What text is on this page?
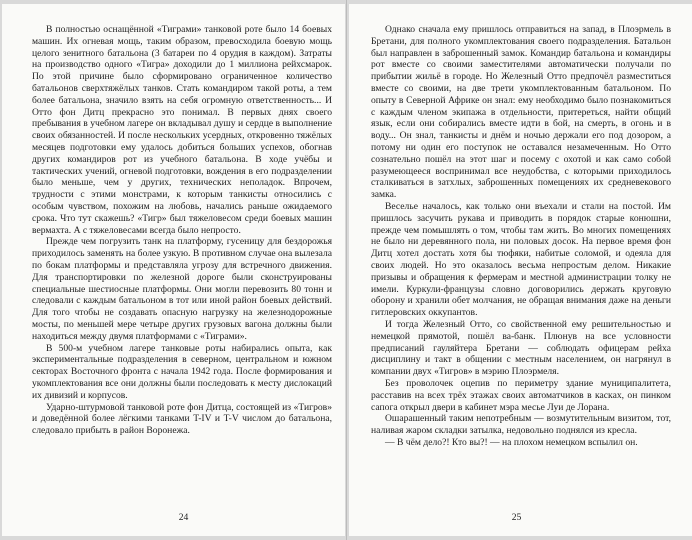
В полностью оснащённой «Тиграми» танковой роте было 14 боевых машин. Их огневая мощь, таким образом, превосходила боевую мощь целого зенитного батальона (3 батареи по 4 орудия в каждом). Затраты на производство одного «Тигра» доходили до 1 миллиона рейхсмарок. По этой причине было сформировано ограниченное количество батальонов сверхтяжёлых танков. Стать командиром такой роты, а тем более батальона, значило взять на себя огромную ответственность... И Отто фон Дитц прекрасно это понимал. В первых днях своего пребывания в учебном лагере он вкладывал душу и сердце в выполнение своих обязанностей. И после нескольких усердных, откровенно тяжёлых месяцев подготовки ему удалось добиться больших успехов, обогнав других командиров рот из учебного батальона. В ходе учёбы и тактических учений, огневой подготовки, вождения в его подразделении было меньше, чем у других, технических неполадок. Впрочем, трудности с этими монстрами, к которым танкисты относились с особым чувством, похожим на любовь, начались раньше ожидаемого срока. Что тут скажешь? «Тигр» был тяжеловесом среди боевых машин вермахта. А с тяжеловесами всегда было непросто.

Прежде чем погрузить танк на платформу, гусеницу для бездорожья приходилось заменять на более узкую. В противном случае она вылезала по бокам платформы и представляла угрозу для встречного движения. Для транспортировки по железной дороге были сконструированы специальные шестиосные платформы. Они могли перевозить 80 тонн и следовали с каждым батальоном в тот или иной район боевых действий. Для того чтобы не создавать опасную нагрузку на железнодорожные мосты, по меньшей мере четыре других грузовых вагона должны были находиться между двумя платформами с «Тиграми».

В 500-м учебном лагере танковые роты набирались опыта, как экспериментальные подразделения в северном, центральном и южном секторах Восточного фронта с начала 1942 года. После формирования и укомплектования все они должны были последовать к месту дислокаций их дивизий и корпусов.

Ударно-штурмовой танковой роте фон Дитца, состоящей из «Тигров» и доведённой более лёгкими танками T-IV и T-V числом до батальона, следовало прибыть в район Воронежа.

24

Однако сначала ему пришлось отправиться на запад, в Плоэрмель в Бретани, для полного укомплектования своего подразделения. Батальон был направлен в заброшенный замок. Командир батальона и командиры рот вместе со своими заместителями автоматически получали по прибытии жильё в городе. Но Железный Отто предпочёл разместиться вместе со своими, на две трети укомплектованным батальоном. По опыту в Северной Африке он знал: ему необходимо было познакомиться с каждым членом экипажа в отдельности, притереться, найти общий язык, если они собирались вместе идти в бой, на смерть, в огонь и в воду... Он знал, танкисты и днём и ночью держали его под дозором, а потому ни один его поступок не оставался незамеченным. Но Отто сознательно пошёл на этот шаг и посему с охотой и как само собой разумеющееся воспринимал все неудобства, с которыми приходилось сталкиваться в затхлых, заброшенных помещениях их средневекового замка.

Веселье началось, как только они въехали и стали на постой. Им пришлось засучить рукава и приводить в порядок старые конюшни, прежде чем помышлять о том, чтобы там жить. Во многих помещениях не было ни деревянного пола, ни половых досок. На первое время фон Дитц хотел достать хотя бы тюфяки, набитые соломой, и одеяла для своих людей. Но это оказалось весьма непростым делом. Никакие призывы и обращения к фермерам и местной администрации толку не имели. Куркули-французы словно договорились держать круговую оборону и хранили обет молчания, не обращая внимания даже на деньги гитлеровских оккупантов.

И тогда Железный Отто, со свойственной ему решительностью и немецкой прямотой, пошёл ва-банк. Плюнув на все условности предписаний гауляйтера Бретани — соблюдать офицерам рейха дисциплину и такт в общении с местным населением, он нагрянул в компании двух «Тигров» в мэрию Плоэрмеля.

Без проволочек оцепив по периметру здание муниципалитета, расставив на всех трёх этажах своих автоматчиков в касках, он пинком сапога открыл двери в кабинет мэра месье Луи де Лорана.

Ошарашенный таким непотребным — возмутительным визитом, тот, наливая жаром складки затылка, недовольно поднялся из кресла.

— В чём дело?! Кто вы?! — на плохом немецком вспылил он.

25
